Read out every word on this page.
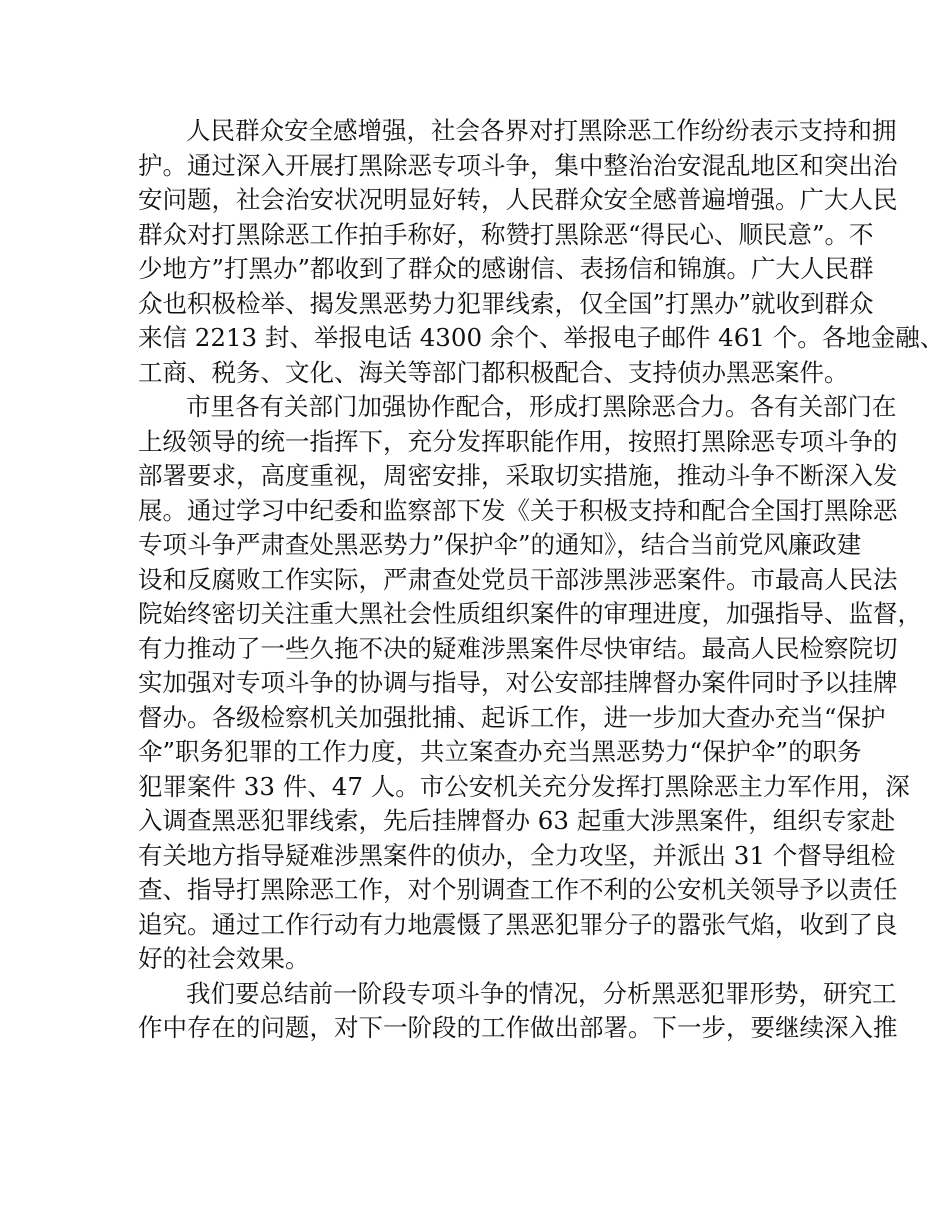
人民群众安全感增强，社会各界对打黑除恶工作纷纷表示支持和拥
护。通过深入开展打黑除恶专项斗争，集中整治治安混乱地区和突出治
安问题，社会治安状况明显好转，人民群众安全感普遍增强。广大人民
群众对打黑除恶工作拍手称好，称赞打黑除恶“得民心、顺民意”。不
少地方”打黑办”都收到了群众的感谢信、表扬信和锦旗。广大人民群
众也积极检举、揭发黑恶势力犯罪线索，仅全国”打黑办”就收到群众
来信 2213 封、举报电话 4300 余个、举报电子邮件 461 个。各地金融、
工商、税务、文化、海关等部门都积极配合、支持侦办黑恶案件。
市里各有关部门加强协作配合，形成打黑除恶合力。各有关部门在
上级领导的统一指挥下，充分发挥职能作用，按照打黑除恶专项斗争的
部署要求，高度重视，周密安排，采取切实措施，推动斗争不断深入发
展。通过学习中纪委和监察部下发《关于积极支持和配合全国打黑除恶
专项斗争严肃查处黑恶势力”保护伞”的通知》，结合当前党风廉政建
设和反腐败工作实际，严肃查处党员干部涉黑涉恶案件。市最高人民法
院始终密切关注重大黑社会性质组织案件的审理进度，加强指导、监督，
有力推动了一些久拖不决的疑难涉黑案件尽快审结。最高人民检察院切
实加强对专项斗争的协调与指导，对公安部挂牌督办案件同时予以挂牌
督办。各级检察机关加强批捕、起诉工作，进一步加大查办充当“保护
伞”职务犯罪的工作力度，共立案查办充当黑恶势力“保护伞”的职务
犯罪案件 33 件、47 人。市公安机关充分发挥打黑除恶主力军作用，深
入调查黑恶犯罪线索，先后挂牌督办 63 起重大涉黑案件，组织专家赴
有关地方指导疑难涉黑案件的侦办，全力攻坚，并派出 31 个督导组检
查、指导打黑除恶工作，对个别调查工作不利的公安机关领导予以责任
追究。通过工作行动有力地震慑了黑恶犯罪分子的嚣张气焰，收到了良
好的社会效果。
我们要总结前一阶段专项斗争的情况，分析黑恶犯罪形势，研究工
作中存在的问题，对下一阶段的工作做出部署。下一步，要继续深入推
